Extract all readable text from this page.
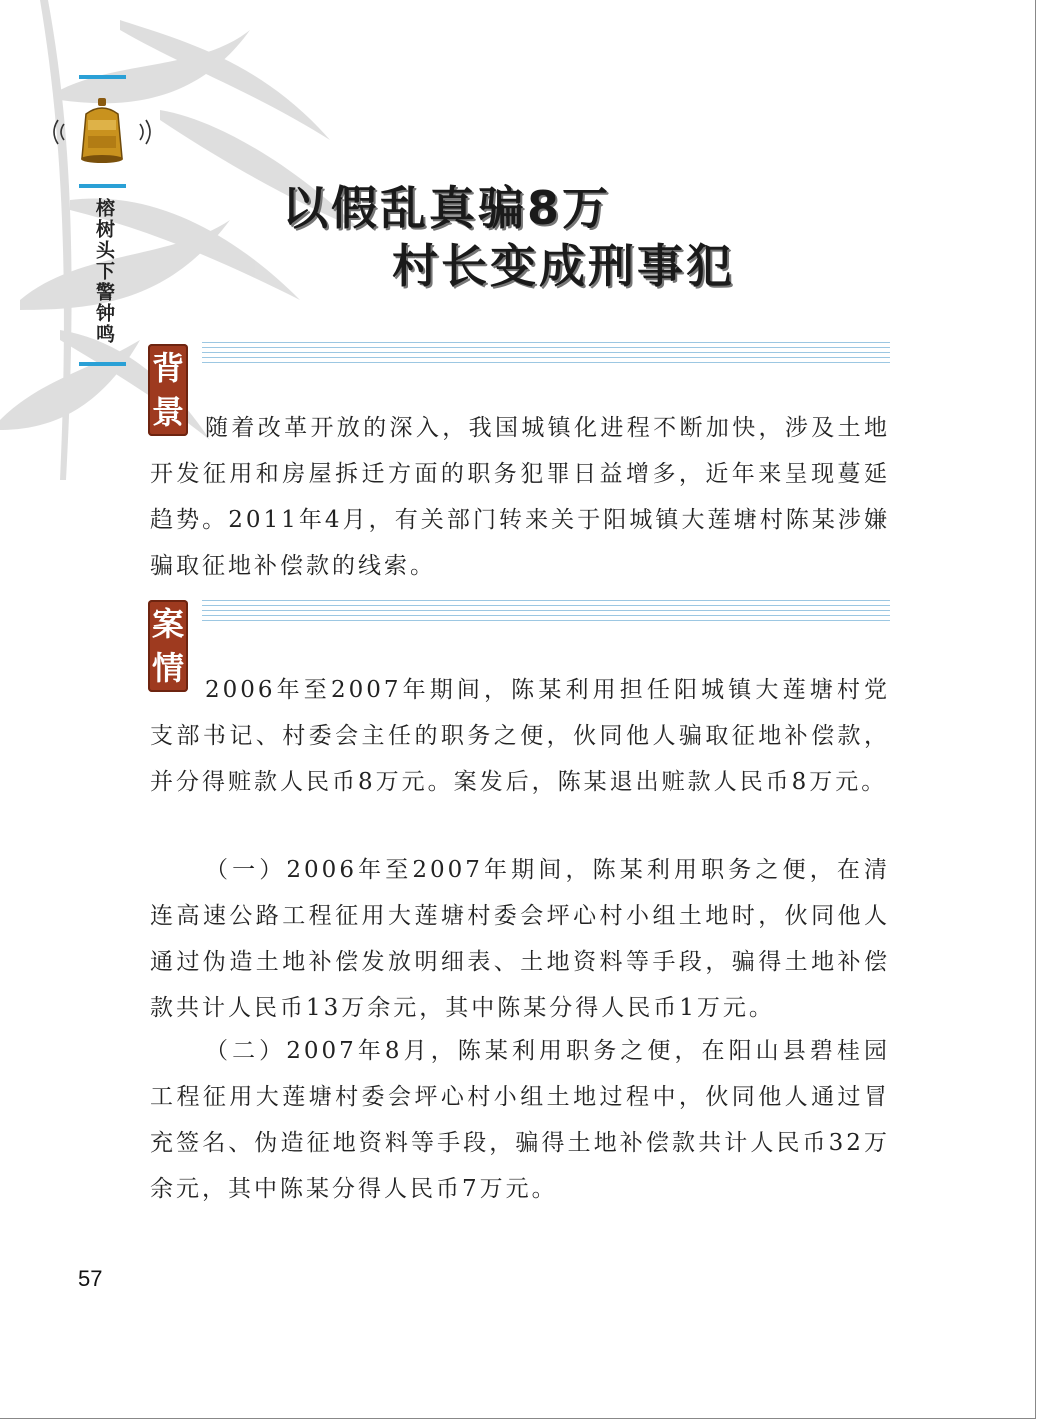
榕树头下警钟鸣	以假乱真骗8万
村长变成刑事犯
背
景 随着改革开放的深入，我国城镇化进程不断加快，涉及土地开发征用和房屋拆迁方面的职务犯罪日益增多，近年来呈现蔓延趋势。2011年4月，有关部门转来关于阳城镇大莲塘村陈某涉嫌骗取征地补偿款的线索。

案
情

2006年至2007年期间，陈某利用担任阳城镇大莲塘村党支部书记、村委会主任的职务之便，伙同他人骗取征地补偿款，并分得赃款人民币8万元。案发后，陈某退出赃款人民币8万元。

（一）2006年至2007年期间，陈某利用职务之便，在清连高速公路工程征用大莲塘村委会坪心村小组土地时，伙同他人通过伪造土地补偿发放明细表、土地资料等手段，骗得土地补偿款共计人民币13万余元，其中陈某分得人民币1万元。

（二）2007年8月，陈某利用职务之便，在阳山县碧桂园工程征用大莲塘村委会坪心村小组土地过程中，伙同他人通过冒充签名、伪造征地资料等手段，骗得土地补偿款共计人民币32万余元，其中陈某分得人民币7万元。

57
